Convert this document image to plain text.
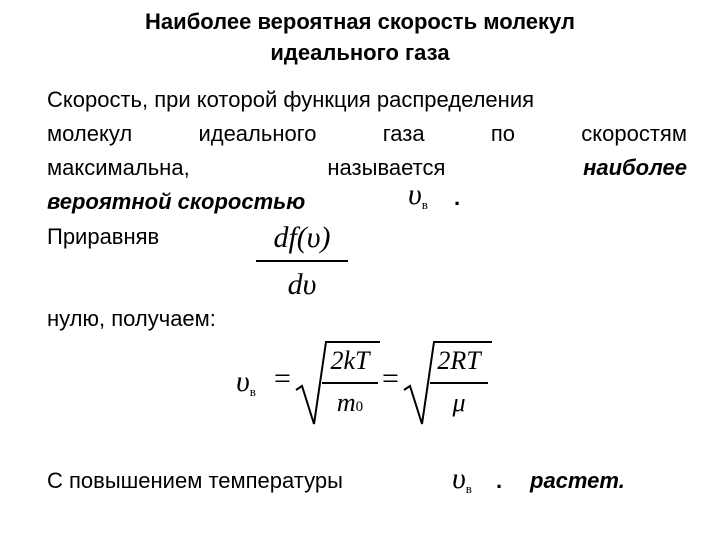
Наиболее вероятная скорость молекул
идеального газа
Скорость, при которой функция распределения
молекул	идеального	газа	по	скоростям
максимальна,	называется	наиболее
вероятной скоростью	υв .
Приравняв	df(υ)
dυ
нулю, получаем:
υв =
2kT
m0
=
2RT
μ
С повышением температуры	υв . растет.
